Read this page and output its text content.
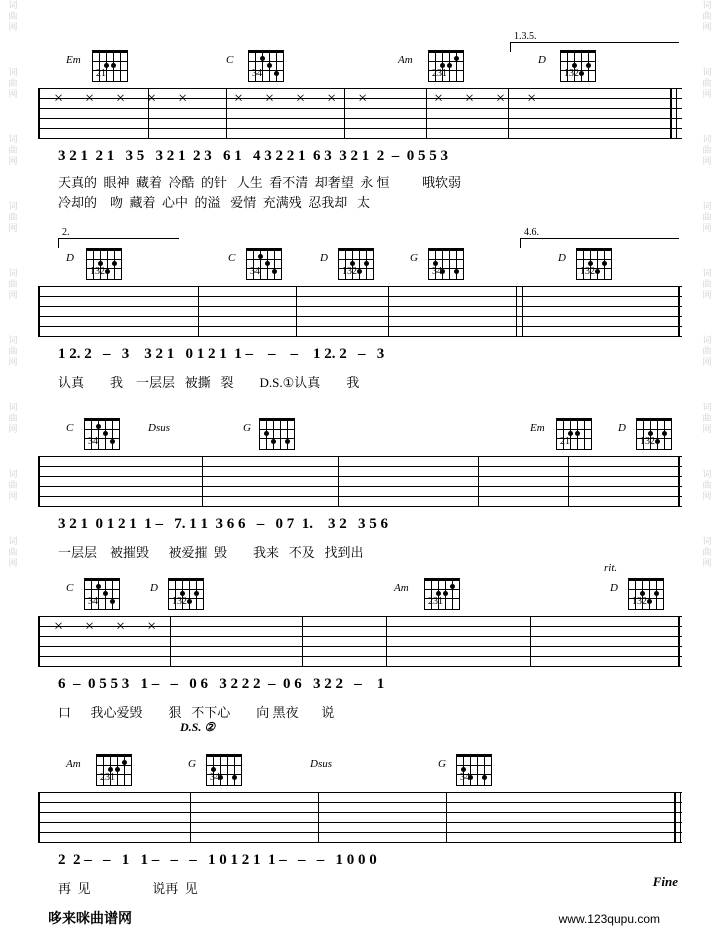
词
曲
网
词
曲
网
词
曲
网
词
曲
网
词
曲
网
词
曲
网
词
曲
网
词
曲
网
词
曲
网
词
曲
网
词
曲
网
词
曲
网
词
曲
网
词
曲
网
词
曲
网
词
曲
网
词
曲
网
词
曲
网
1.3.5.
Em
21
C
34
Am
231
D
132
××××× ×××××	××××
3 2 1  2 1   3 5   3 2 1  2 3   6 1   4 3 2 2 1  6 3  3 2 1  2  –  0 5 5 3
天真的  眼神  藏着  冷酷  的针   人生  看不清  却奢望  永 恒          哦软弱
冷却的    吻  藏着  心中  的溢   爱情  充满残  忍我却   太
2.	4.6.
D
132
C
34
D
132
G
34
D
132
1 2. 2   –   3    3 2 1   0 1 2 1  1 –    –    –    1 2. 2   –   3
认真        我    一层层   被撕   裂        D.S.①认真        我
C
34
Dsus	G	Em
21
D
132
3 2 1  0 1 2 1  1 –   7. 1 1  3 6 6   –   0 7  1.    3 2   3 5 6
一层层    被摧毁      被爱摧  毁        我来   不及   找到出
rit.
C
34
D
132
Am
231
D
132
××××
6  –  0 5 5 3   1 –   –   0 6   3 2 2 2  –  0 6   3 2 2   –    1
口      我心爱毁        狠   不下心        向 黑夜       说
D.S. ②
Am
231
G
34
Dsus	G
34
2  2 –   –   1   1 –   –   –   1 0 1 2 1  1 –   –   –   1 0 0 0
再  见                   说再  见	Fine
哆来咪曲谱网	www.123qupu.com
